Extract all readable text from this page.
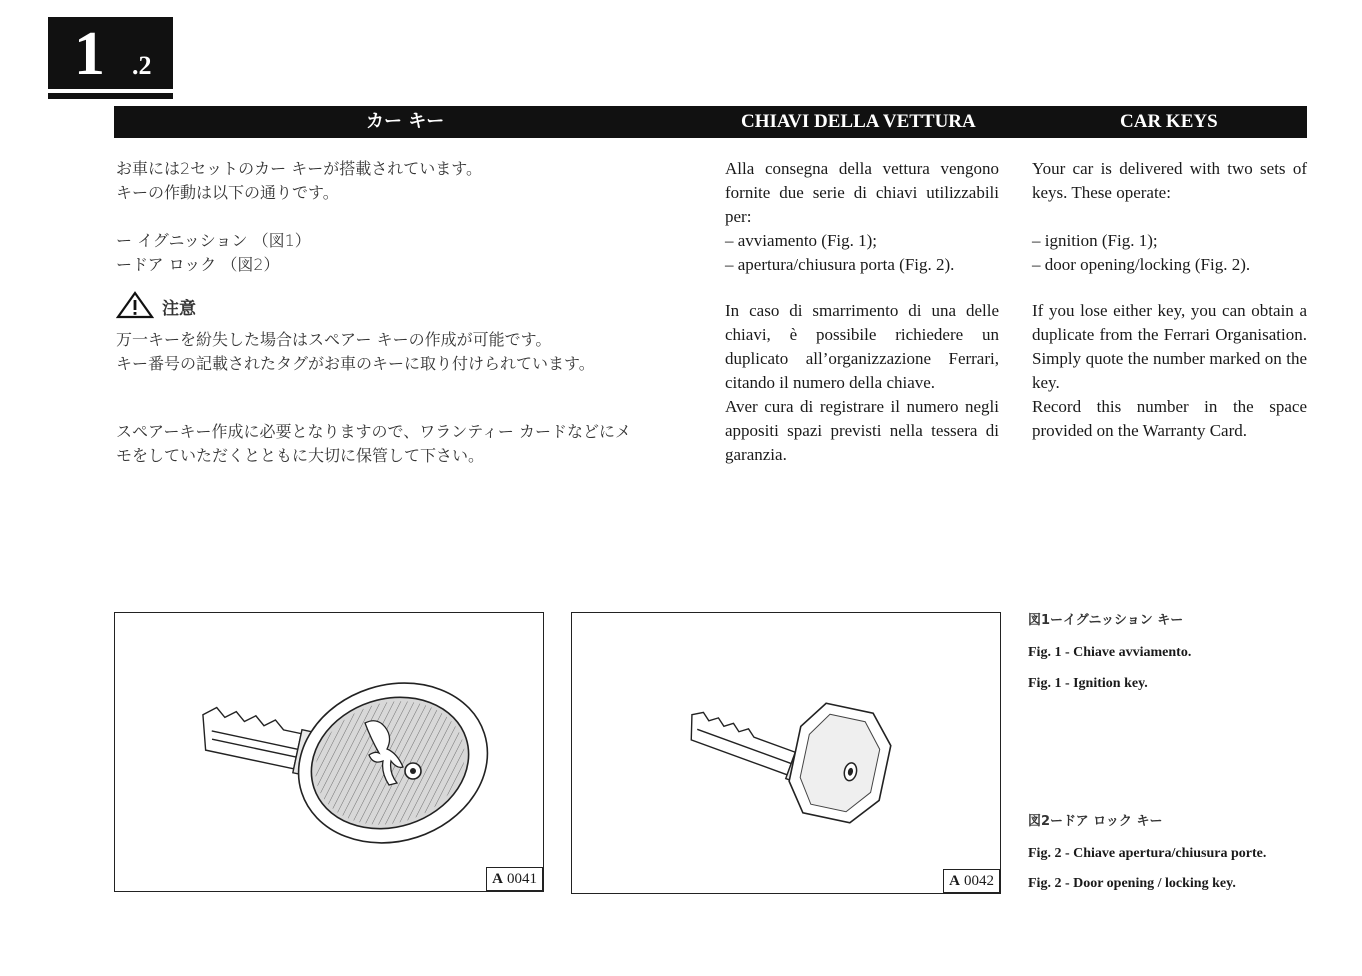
1 .2
カー キー	CHIAVI DELLA VETTURA	CAR KEYS

お車には2セットのカー キーが搭載されています。

キーの作動は以下の通りです。

ー イグニッション （図1）

ードア ロック （図2）

注意

万一キーを紛失した場合はスペアー キーの作成が可能です。

キー番号の記載されたタグがお車のキーに取り付けられています。

スペアーキー作成に必要となりますので、ワランティー カードなどにメ

モをしていただくとともに大切に保管して下さい。

Alla consegna della vettura vengono fornite due serie di chiavi utilizzabili per:

– avviamento (Fig. 1);

– apertura/chiusura porta (Fig. 2).

In caso di smarrimento di una delle chiavi, è possibile richiedere un duplicato all’organizzazione Ferrari, citando il numero della chiave.

Aver cura di registrare il numero negli appositi spazi previsti nella tessera di garanzia.

Your car is delivered with two sets of keys. These operate:

– ignition (Fig. 1);

– door opening/locking (Fig. 2).

If you lose either key, you can obtain a duplicate from the Ferrari Organisation. Simply quote the number marked on the key.

Record this number in the space provided on the Warranty Card.

A 0041	A 0042
図1ーイグニッション キー
Fig. 1 - Chiave avviamento.
Fig. 1 - Ignition key.
図2ードア ロック キー
Fig. 2 - Chiave apertura/chiusura porte.
Fig. 2 - Door opening / locking key.
